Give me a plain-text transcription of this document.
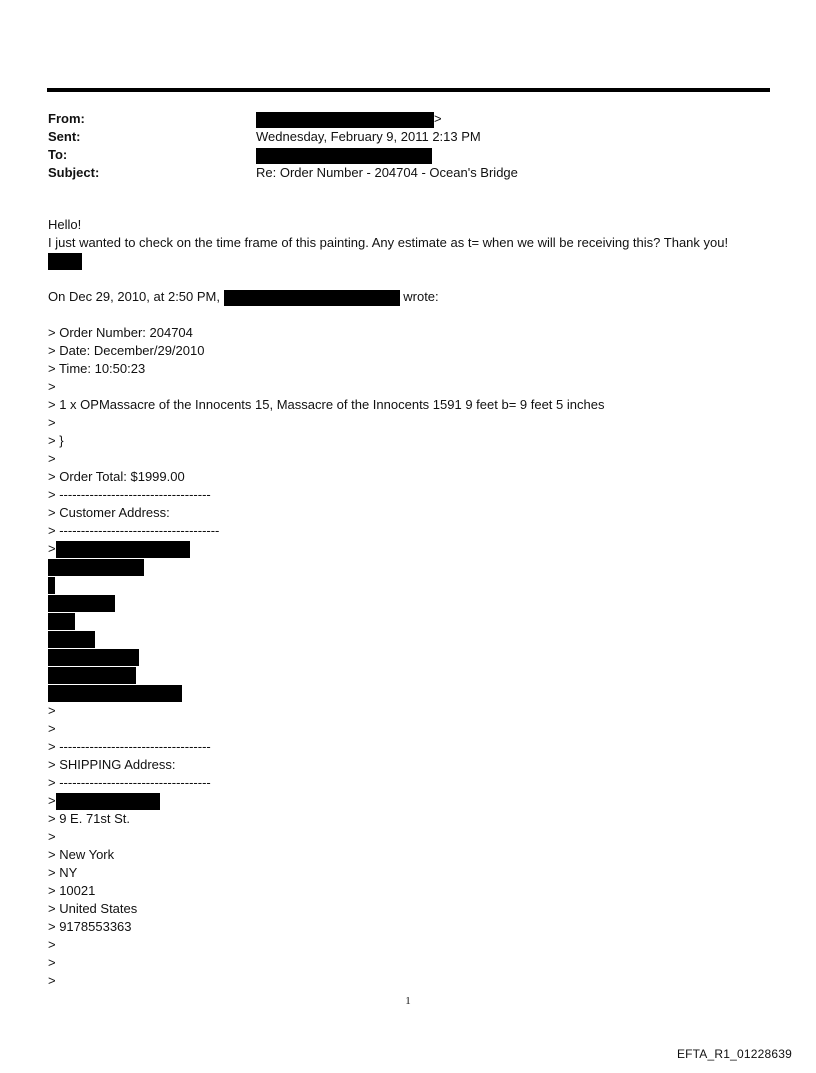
From:	>
Sent:	Wednesday, February 9, 2011 2:13 PM
To:
Subject:	Re: Order Number - 204704 - Ocean's Bridge
Hello!
I just wanted to check on the time frame of this painting. Any estimate as t= when we will be receiving this? Thank you!
On Dec 29, 2010, at 2:50 PM,	wrote:
> Order Number: 204704
> Date: December/29/2010
> Time: 10:50:23
>
> 1 x OPMassacre of the Innocents 15, Massacre of the Innocents 1591 9 feet b= 9 feet 5 inches
>
> }
>
> Order Total: $1999.00
> -----------------------------------
> Customer Address:
> -------------------------------------
>
>
>
> -----------------------------------
> SHIPPING Address:
> -----------------------------------
>
> 9 E. 71st St.
>
> New York
> NY
> 10021
> United States
> 9178553363
>
>
>
1
EFTA_R1_01228639
